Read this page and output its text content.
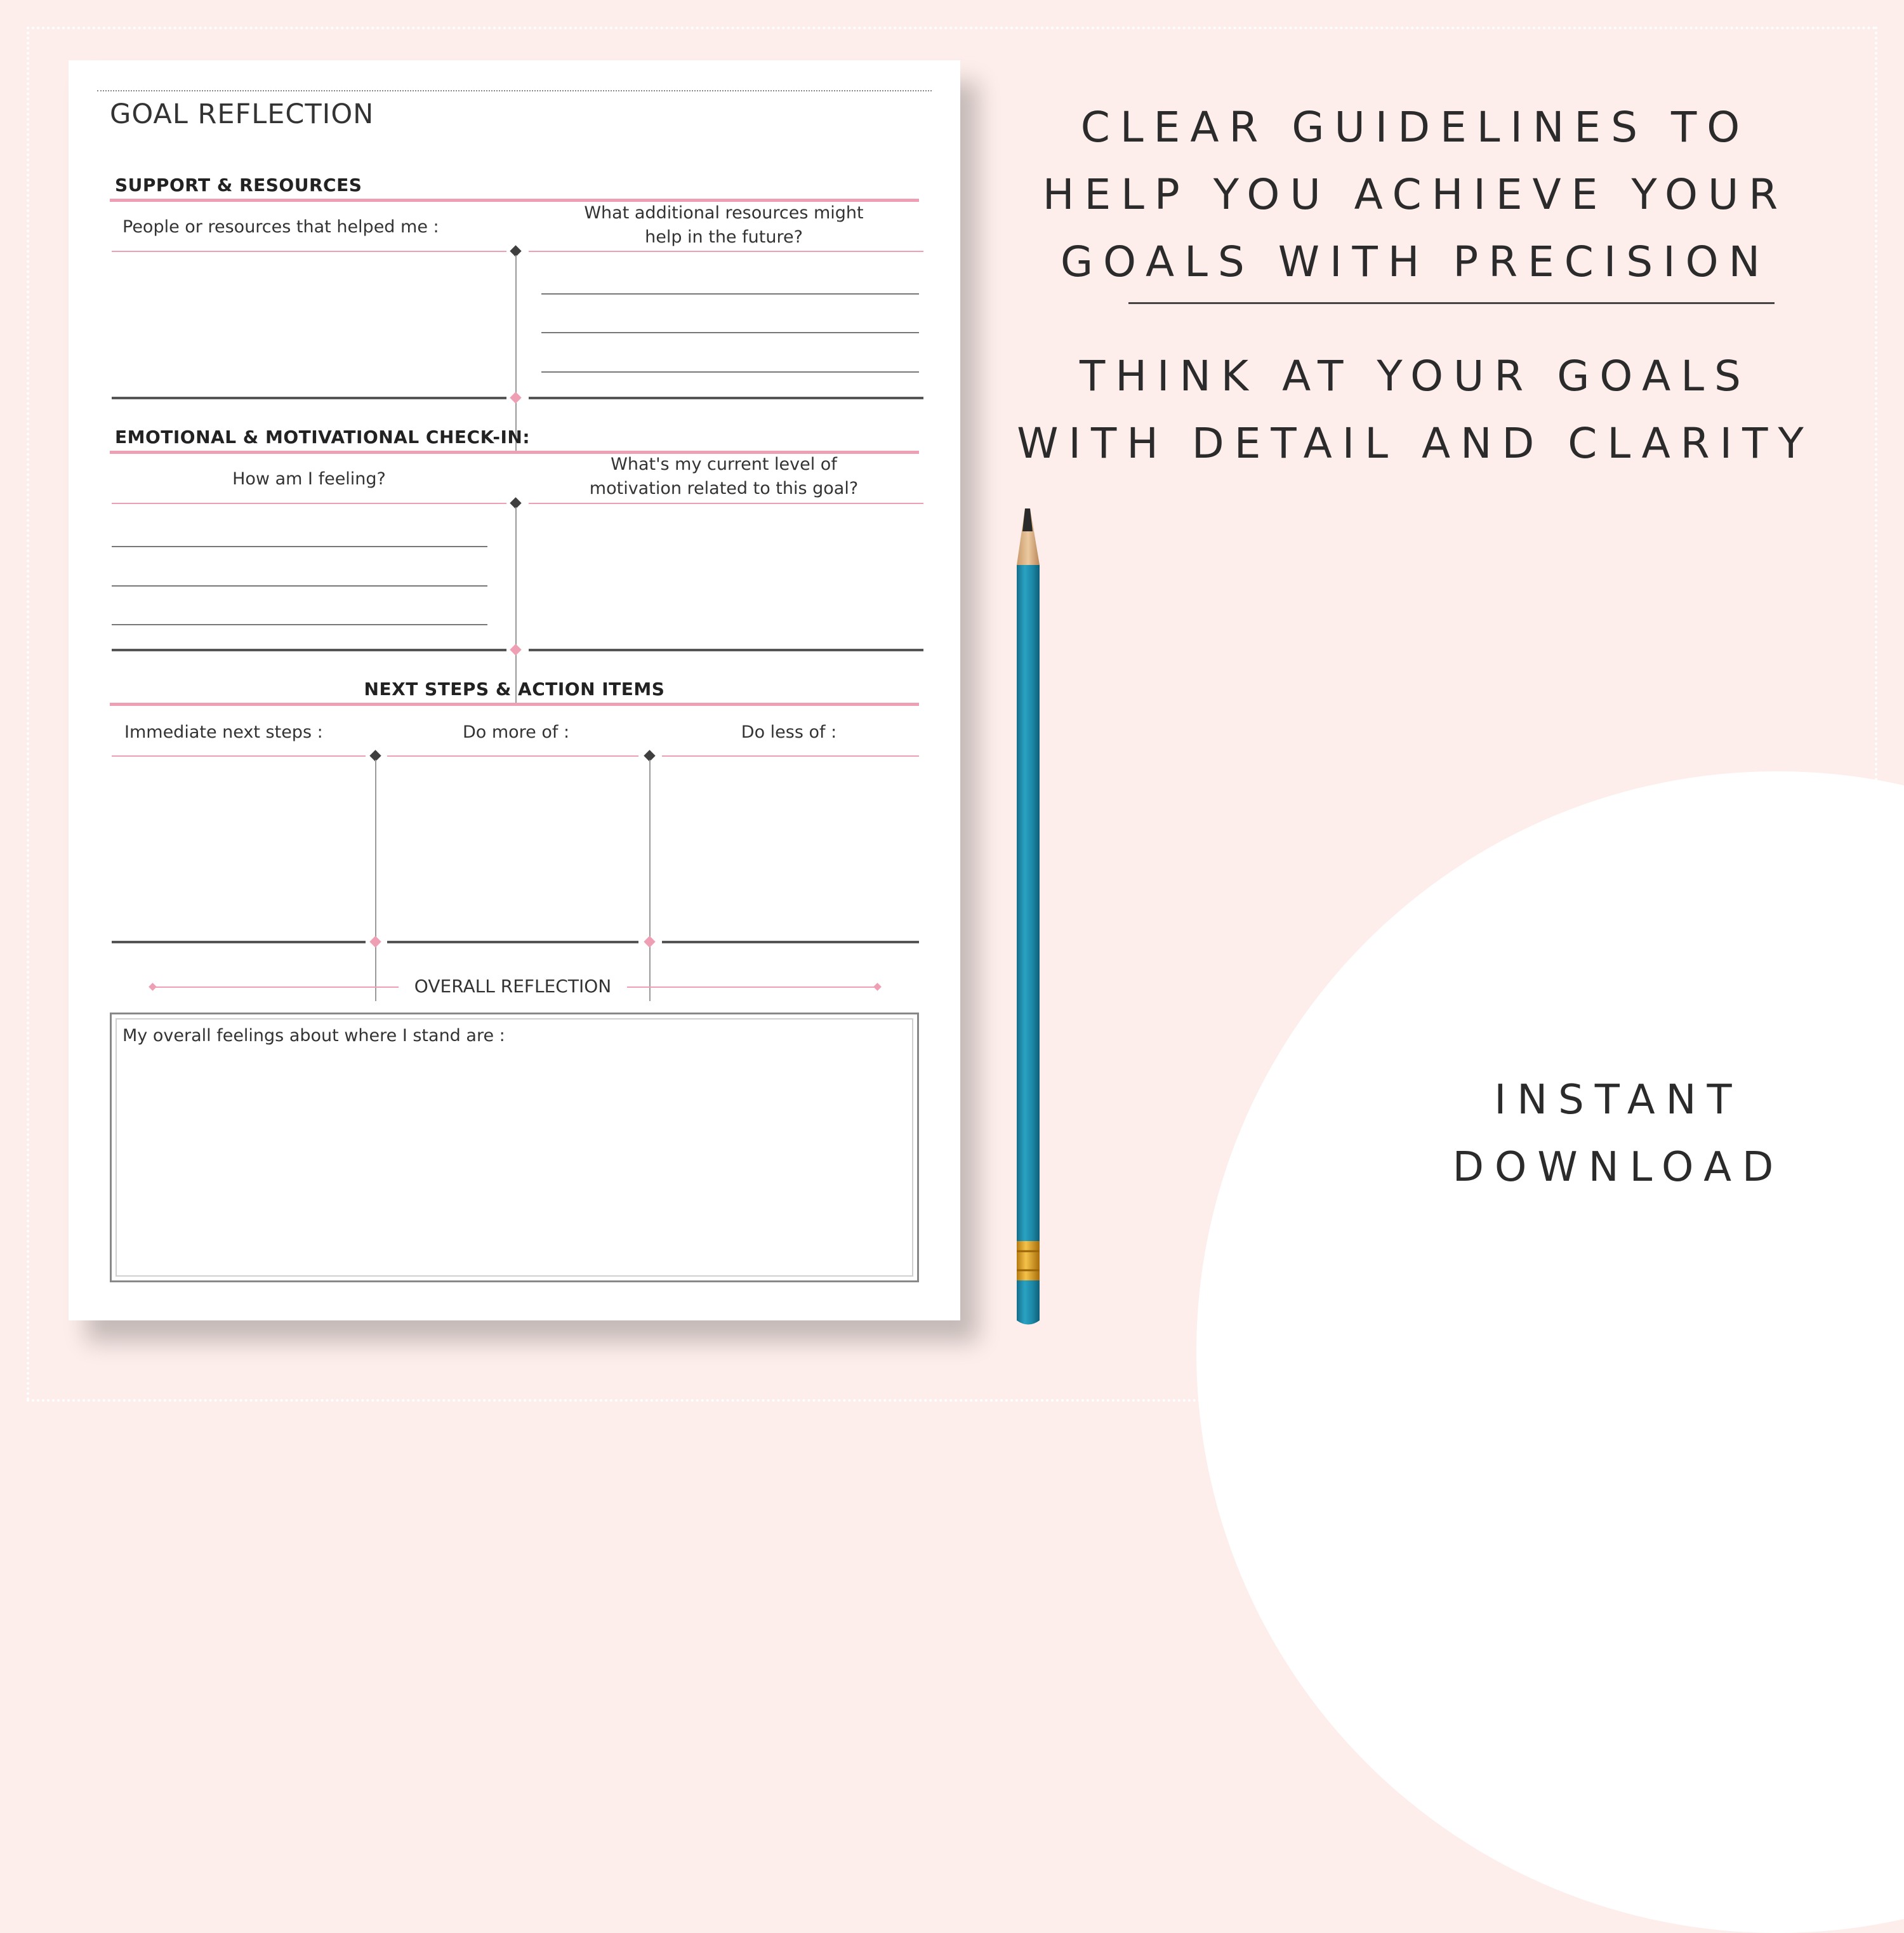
GOAL REFLECTION
SUPPORT & RESOURCES
People or resources that helped me :
What additional resources might
help in the future?
EMOTIONAL & MOTIVATIONAL CHECK-IN:
How am I feeling?
What's my current level of
motivation related to this goal?
NEXT STEPS & ACTION ITEMS
Immediate next steps :	Do more of :	Do less of :
OVERALL REFLECTION
My overall feelings about where I stand are :
CLEAR GUIDELINES TO
HELP YOU ACHIEVE YOUR
GOALS WITH PRECISION
THINK AT YOUR GOALS
WITH DETAIL AND CLARITY
INSTANT
DOWNLOAD
